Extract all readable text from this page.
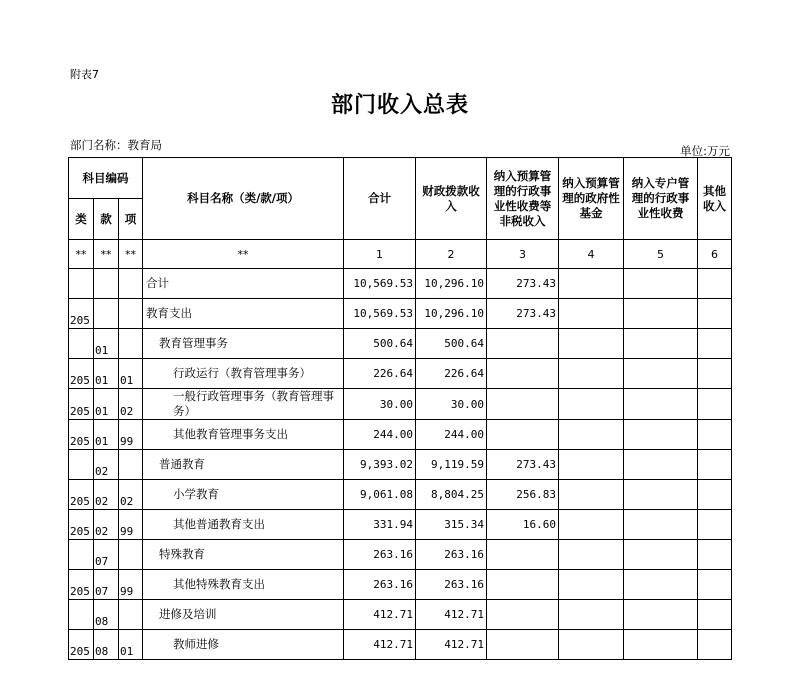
附表7
部门收入总表
部门名称：教育局	单位:万元
科目编码			科目名称（类/款/项）	合计	财政拨款收入	纳入预算管理的行政事业性收费等非税收入	纳入预算管理的政府性基金	纳入专户管理的行政事业性收费	其他收入
类	款	项							
**	**	**	**	1	2	3	4	5	6
			合计	10,569.53	10,296.10	273.43			
205			教育支出	10,569.53	10,296.10	273.43			
	01		教育管理事务	500.64	500.64				
205	01	01	行政运行（教育管理事务）	226.64	226.64				
205	01	02	一般行政管理事务（教育管理事务）	30.00	30.00				
205	01	99	其他教育管理事务支出	244.00	244.00				
	02		普通教育	9,393.02	9,119.59	273.43			
205	02	02	小学教育	9,061.08	8,804.25	256.83			
205	02	99	其他普通教育支出	331.94	315.34	16.60			
	07		特殊教育	263.16	263.16				
205	07	99	其他特殊教育支出	263.16	263.16				
	08		进修及培训	412.71	412.71				
205	08	01	教师进修	412.71	412.71				
